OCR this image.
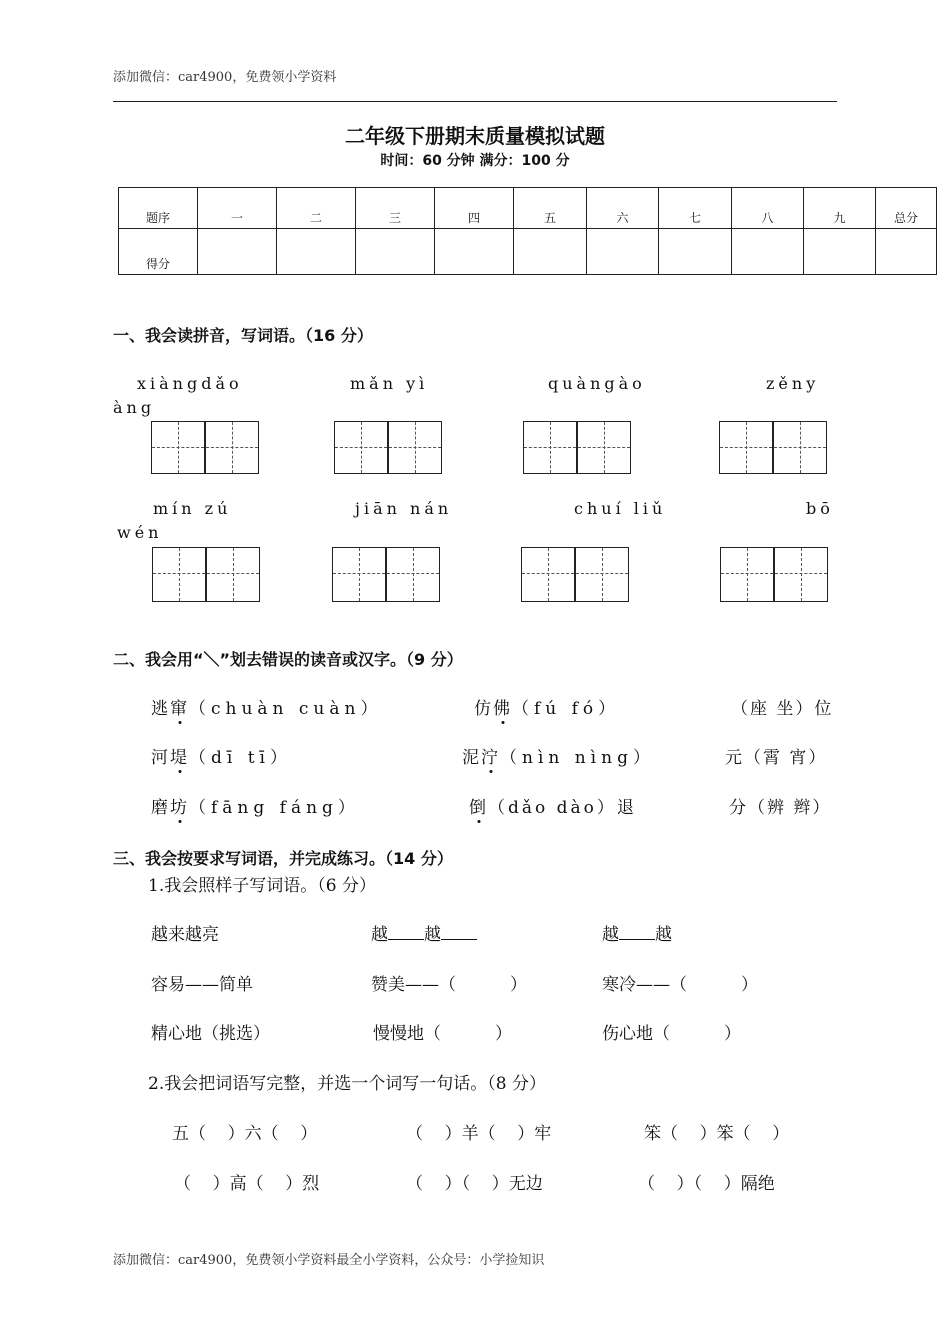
添加微信：car4900，免费领小学资料
二年级下册期末质量模拟试题
时间：60 分钟 满分：100 分
题序	一	二	三	四	五	六	七	八	九	总分
得分										
一、我会读拼音，写词语。（16 分）
xiàngdǎo	mǎn yì	quàngào	zěny
àng
mín zú	jiān nán	chuí liǔ	bō
wén
二、我会用“＼”划去错误的读音或汉字。（9 分）
逃窜（chuàn cuàn）	仿佛（fú fó）	（座 坐）位
河堤（dī tī）	泥泞（nìn nìng）	元（霄 宵）
磨坊（fāng fáng）	倒（dǎo dào）退	分（辨 辫）
三、我会按要求写词语，并完成练习。（14 分）
1.我会照样子写词语。（6 分）
越来越亮	越 越	越 越
容易——简单	赞美——（          ）	寒冷——（          ）
精心地（挑选）	慢慢地（          ）	伤心地（          ）
2.我会把词语写完整，并选一个词写一句话。（8 分）
五（    ）六（    ）	（    ）羊（    ）牢	笨（    ）笨（    ）
（    ）高（    ）烈	（    ）（    ）无边	（    ）（    ）隔绝
添加微信：car4900，免费领小学资料最全小学资料，公众号：小学捡知识
